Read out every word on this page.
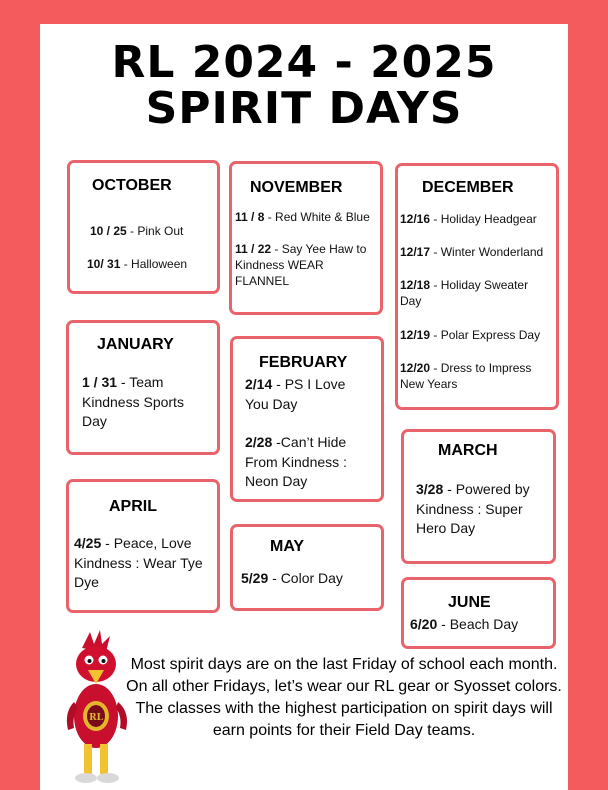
RL 2024 - 2025
SPIRIT DAYS
OCTOBER
10 / 25 - Pink Out
10/ 31 - Halloween
NOVEMBER
11 / 8 - Red White & Blue
11 / 22 - Say Yee Haw to Kindness WEAR FLANNEL
DECEMBER
12/16 - Holiday Headgear
12/17 - Winter Wonderland
12/18 - Holiday Sweater Day
12/19 - Polar Express Day
12/20 - Dress to Impress New Years
JANUARY
1 / 31 - Team Kindness Sports Day
FEBRUARY
2/14 - PS I Love You Day
2/28 -Can’t Hide From Kindness : Neon Day
MARCH
3/28 - Powered by Kindness : Super Hero Day
APRIL
4/25 - Peace, Love Kindness : Wear Tye Dye
MAY
5/29 - Color Day
JUNE
6/20 - Beach Day
RL
Most spirit days are on the last Friday of school each month. On all other Fridays, let’s wear our RL gear or Syosset colors.
The classes with the highest participation on spirit days will earn points for their Field Day teams.
